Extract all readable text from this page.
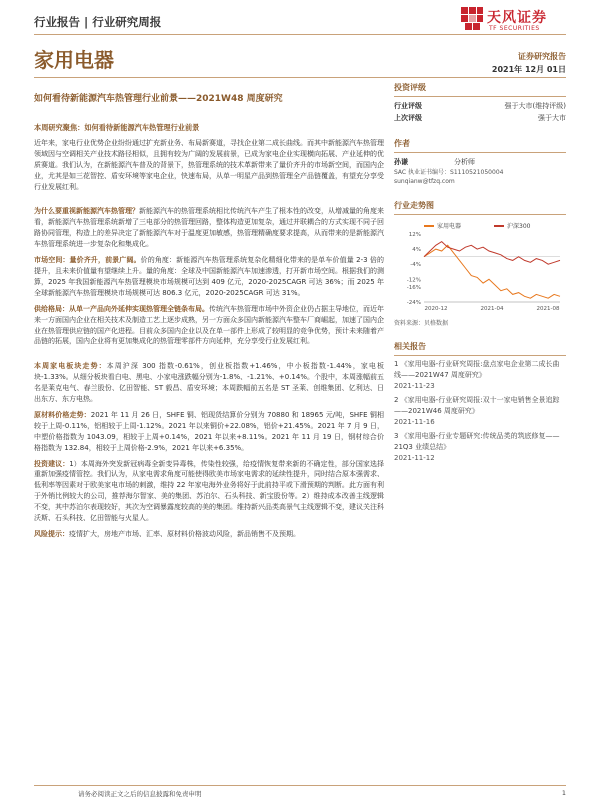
行业报告 | 行业研究周报	天风证券
TF SECURITIES
家用电器	证券研究报告
2021年 12月 01日
如何看待新能源汽车热管理行业前景——2021W48 周度研究
本周研究聚焦：如何看待新能源汽车热管理行业前景

近年来，家电行业优势企业纷纷通过扩充新业务、布局新赛道，寻找企业第二成长曲线。而其中新能源汽车热管理领域因与空调相关产业技术路径相似，且拥有较为广阔的发展前景，已成为家电企业实现横向拓展、产业延伸的优质赛道。我们认为，在新能源汽车普及的背景下，热管理系统的技术革新带来了量价齐升的市场新空间，而国内企业，尤其是如三花智控、盾安环境等家电企业，快速布局，从单一明星产品到热管理全产品链覆盖，有望充分享受行业发展红利。

为什么要重视新能源汽车热管理？新能源汽车的热管理系统相比传统汽车产生了根本性的改变，从增减量的角度来看，新能源汽车热管理系统新增了三电部分的热管理回路，整体构造更加复杂，通过并联耦合的方式实现不同子回路协同管理，构造上的差异决定了新能源汽车对于温度更加敏感，热管理精确度要求提高，从而带来的是新能源汽车热管理系统进一步复杂化和集成化。

市场空间：量价齐升，前景广阔。价的角度：新能源汽车热管理系统复杂化精细化带来的是单车价值量 2-3 倍的提升，且未来价值量有望继续上升。量的角度：全球及中国新能源汽车加速渗透，打开新市场空间。根据我们的测算，2025 年我国新能源汽车热管理模块市场规模可达到 409 亿元，2020-2025CAGR 可达 36%；而 2025 年全球新能源汽车热管理模块市场规模可达 806.3 亿元，2020-2025CAGR 可达 31%。

供给格局：从单一产品向外延伸实现热管理全链条布局。传统汽车热管理市场中外资企业仍占据主导地位，而近年来一方面国内企业在相关技术及制造工艺上逐步成熟，另一方面众多国内新能源汽车整车厂商崛起，加速了国内企业在热管理供应链的国产化进程。目前众多国内企业以及在单一部件上形成了较明显的竞争优势，预计未来随着产品链的拓展，国内企业将有更加集成化的热管理零部件方向延伸，充分享受行业发展红利。

本周家电板块走势：本周沪深 300 指数-0.61%，创业板指数+1.46%，中小板指数-1.44%，家电板块-1.33%。从细分板块看白电、黑电、小家电涨跌幅分别为-1.8%、-1.21%、+0.14%。个股中，本周涨幅前五名是莱克电气、春兰股份、亿田智能、ST 毅昌、盾安环境；本周跌幅前五名是 ST 圣莱、创维集团、亿利达、日出东方、东方电热。

原材料价格走势：2021 年 11 月 26 日，SHFE 铜、铝现货结算价分别为 70880 和 18965 元/吨，SHFE 铜相较于上周-0.11%，铝相较于上周-1.12%。2021 年以来铜价+22.08%，铝价+21.45%。2021 年 7 月 9 日，中塑价格指数为 1043.09，相较于上周+0.14%，2021 年以来+8.11%。2021 年 11 月 19 日，钢材综合价格指数为 132.84，相较于上周价格-2.9%，2021 年以来+6.35%。

投资建议：1）本周海外突发新冠病毒全新变异毒株，传染性较强，给疫情恢复带来新的不确定性，部分国家选择重新加强疫情管控。我们认为，从家电需求角度可能使得欧美市场家电需求的延续性提升，同时结合原本强需求、低利率等因素对于欧美家电市场的刺激，维持 22 年家电海外业务将好于此前持平或下滑预期的判断。此方面有利于外销比例较大的公司，推荐海尔智家、美的集团、苏泊尔、石头科技、新宝股份等。2）维持成本改善主线逻辑不变，其中苏泊尔表现较好，其次为空调暴露度较高的美的集团。维持新兴品类高景气主线逻辑不变，建议关注科沃斯、石头科技、亿田智能与火星人。

风险提示：疫情扩大，房地产市场、汇率、原材料价格波动风险，新品销售不及预期。

投资评级
行业评级	强于大市(维持评级)
上次评级	强于大市
作者
孙谦	分析师
SAC 执业证书编号：S1110521050004
sunqianw@tfzq.com
行业走势图
家用电器	沪深300
12%
4%
-4%
-12%
-16%
-24%
2020-12	2021-04	2021-08
资料来源：贝格数据
相关报告
1 《家用电器-行业研究周报:盘点家电企业第二成长曲线——2021W47 周度研究》
2021-11-23
2 《家用电器-行业研究周报:双十一家电销售全景追踪——2021W46 周度研究》
2021-11-16
3 《家用电器-行业专题研究:传统品类的筑底修复——21Q3 业绩总结》
2021-11-12
请务必阅读正文之后的信息披露和免责申明	1
